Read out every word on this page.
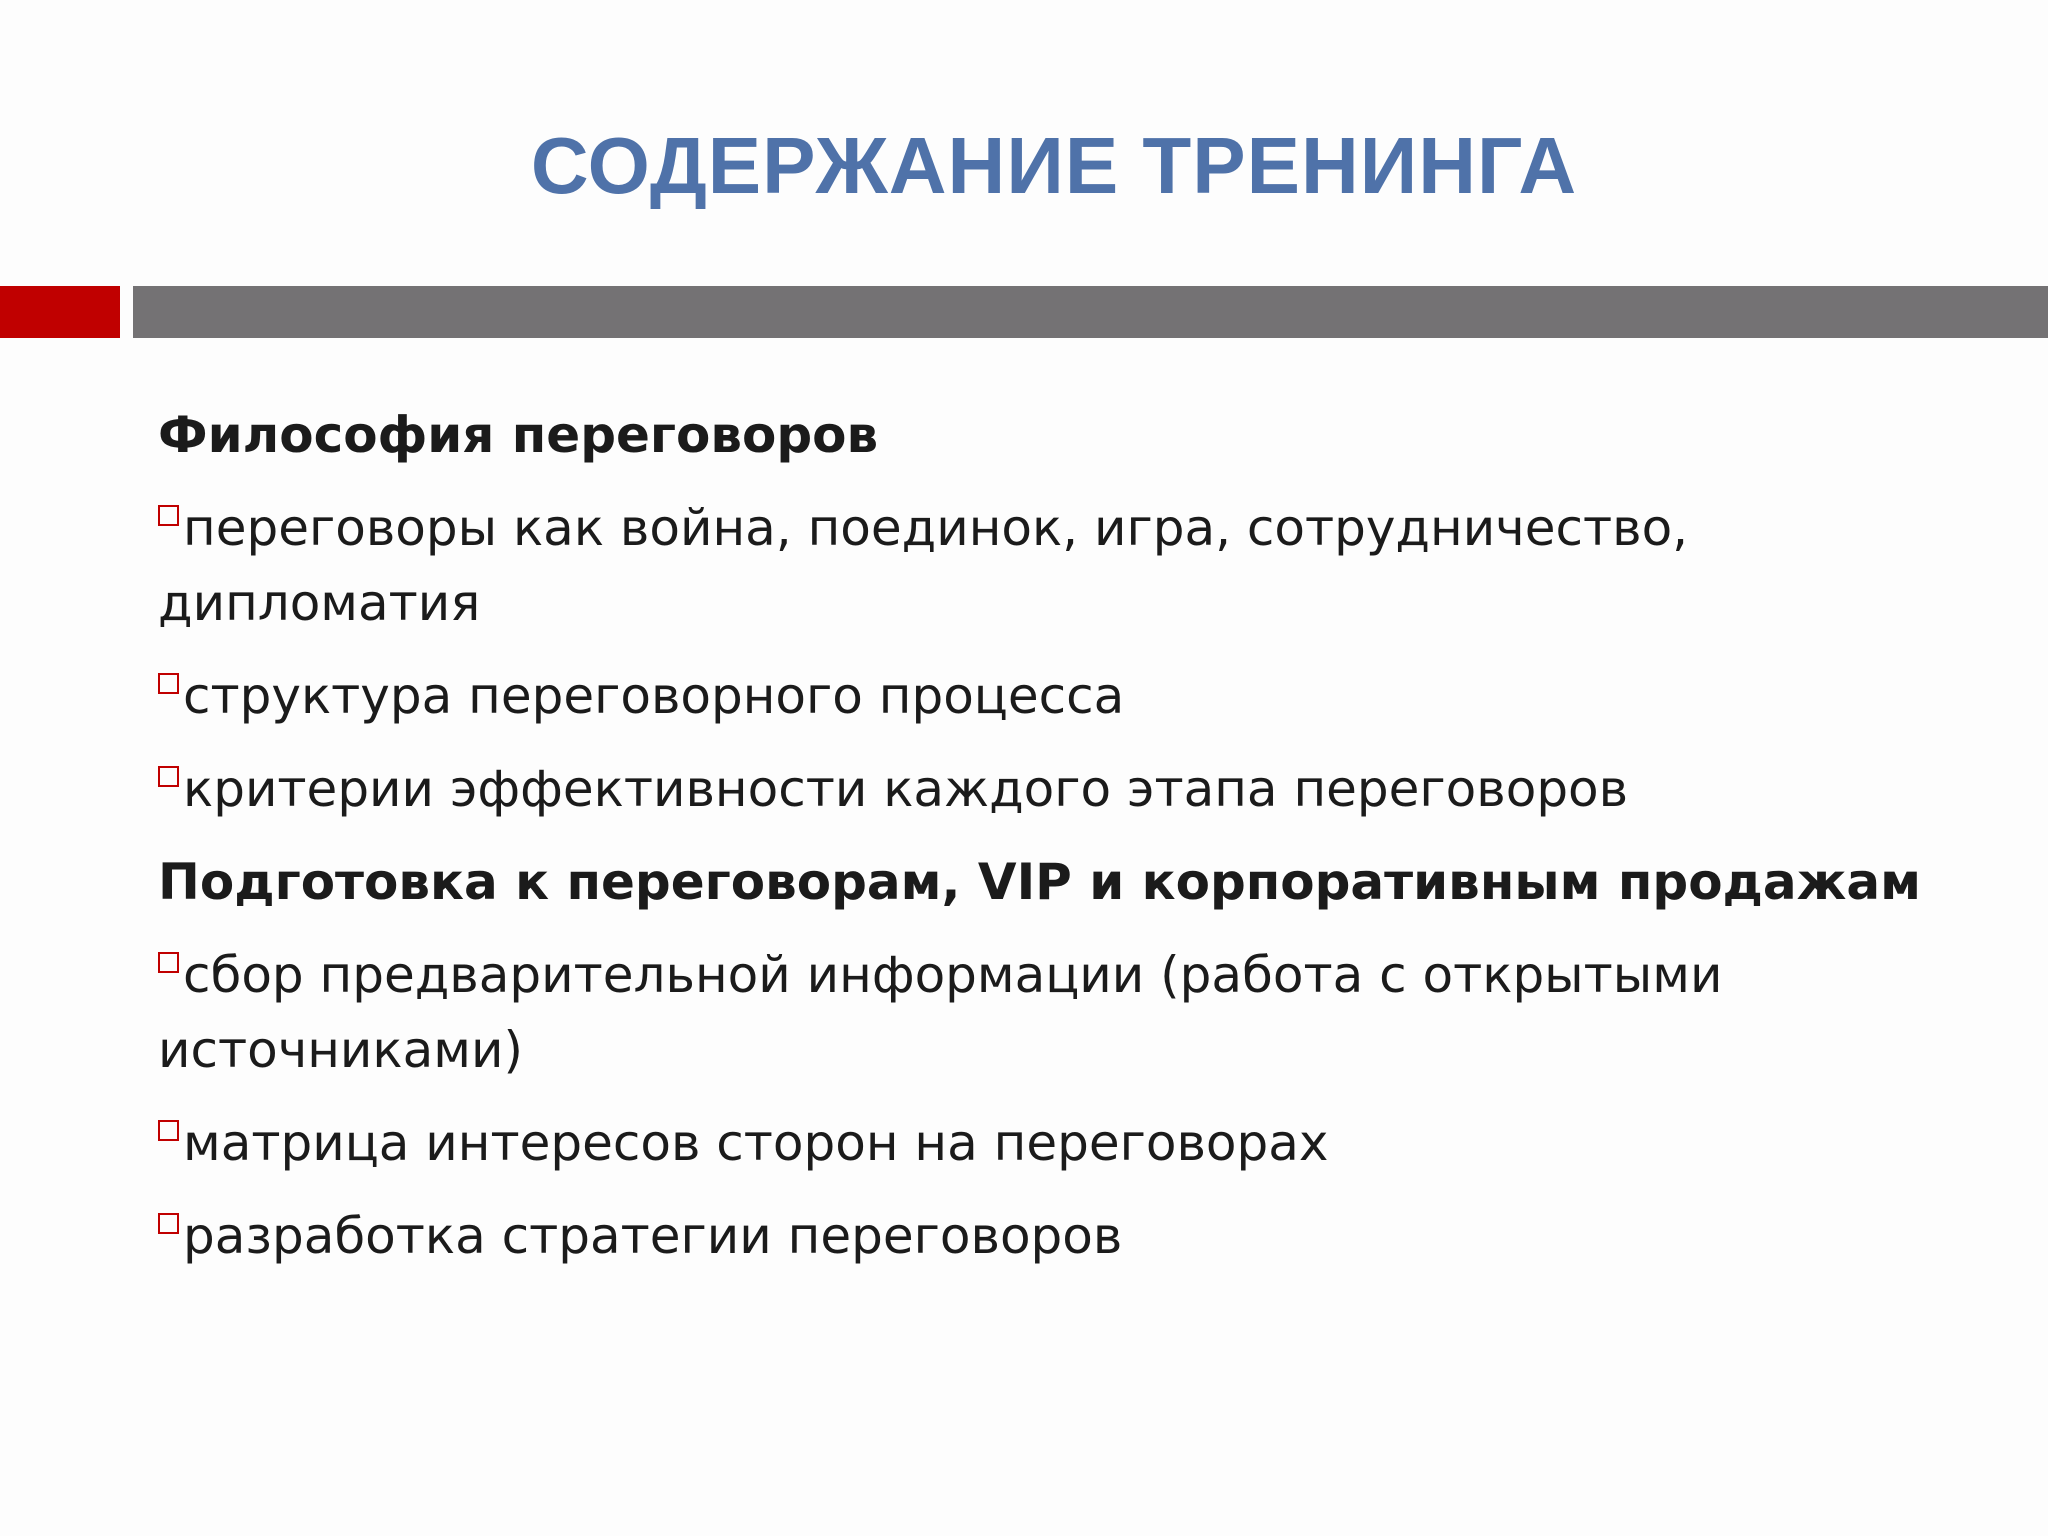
СОДЕРЖАНИЕ ТРЕНИНГА
Философия переговоров
переговоры как война, поединок, игра, сотрудничество, дипломатия
структура переговорного процесса
критерии эффективности каждого этапа переговоров
Подготовка к переговорам, VIP и корпоративным продажам
сбор предварительной информации (работа с открытыми источниками)
матрица интересов сторон на переговорах
разработка стратегии переговоров
